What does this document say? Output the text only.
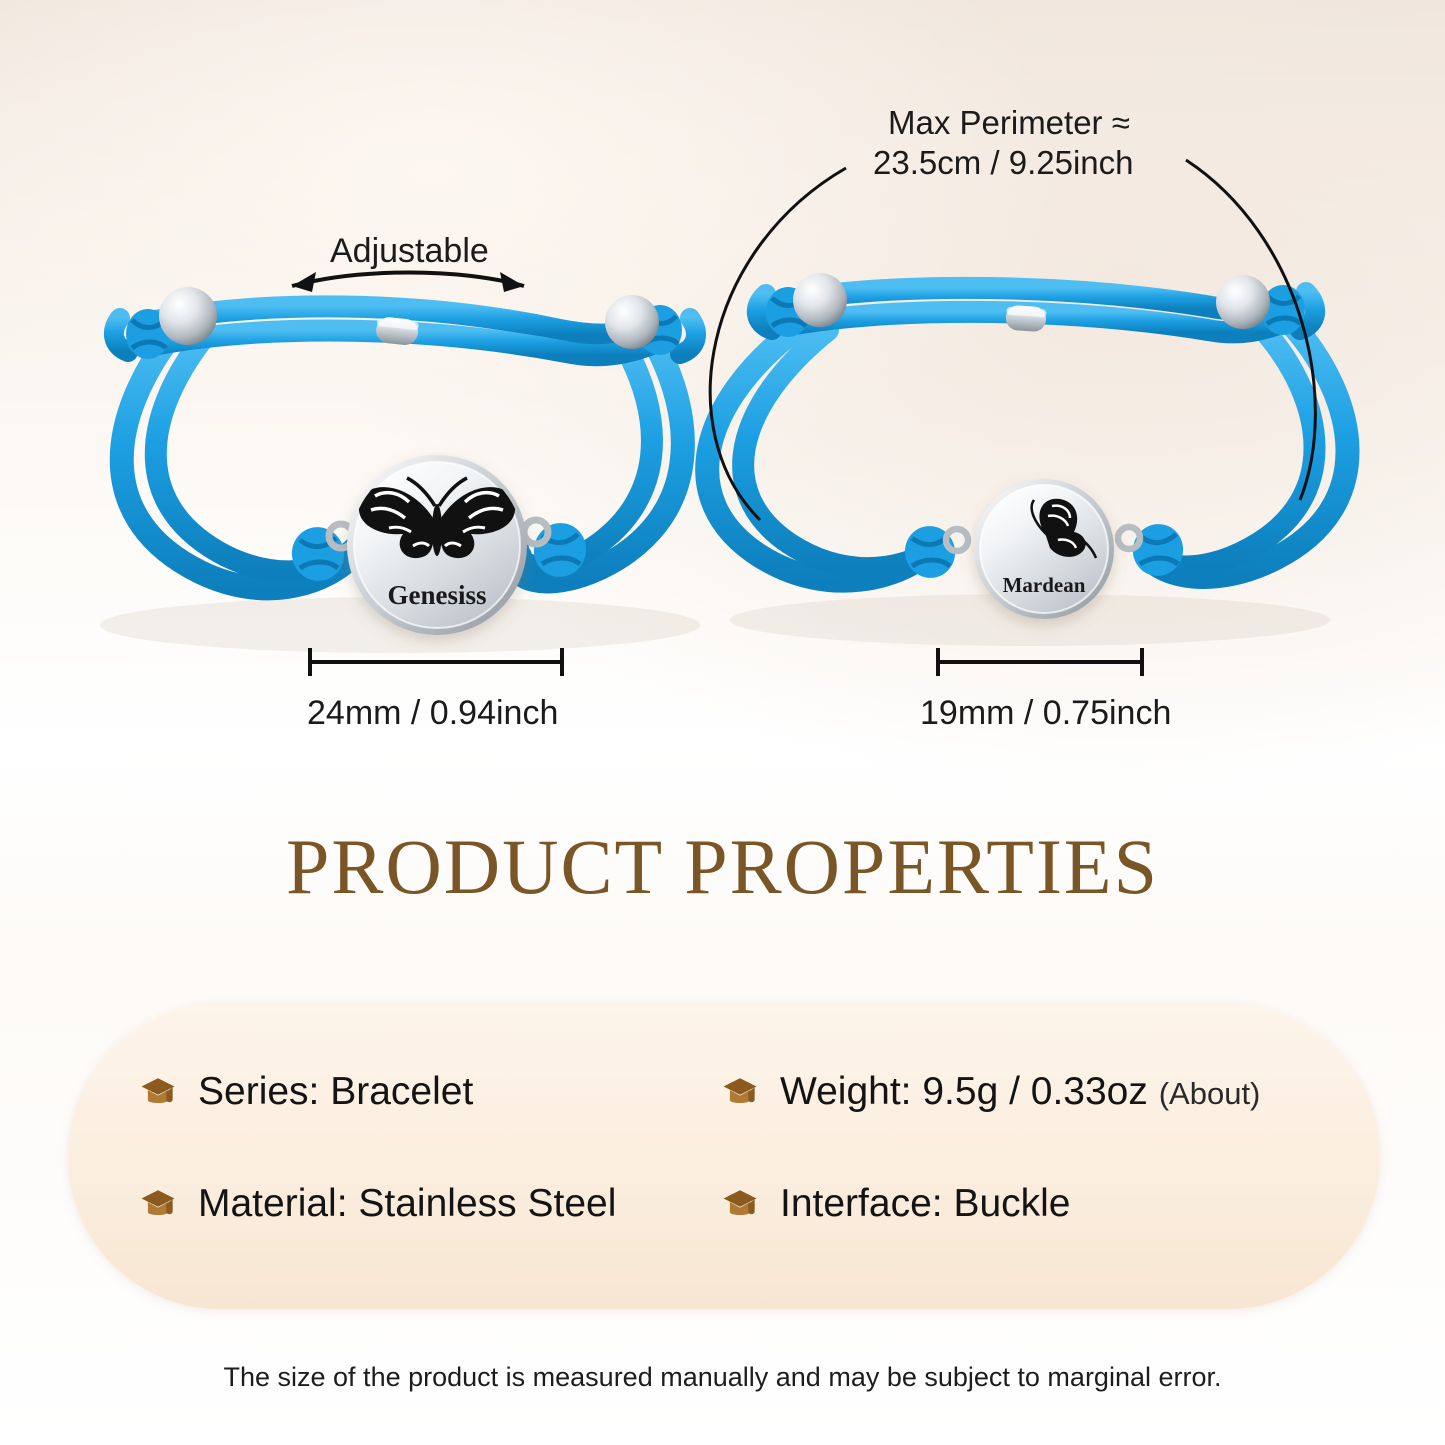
Genesiss	Mardean
Adjustable
Max Perimeter ≈
23.5cm / 9.25inch
24mm / 0.94inch	19mm / 0.75inch
PRODUCT PROPERTIES
Series: Bracelet	Weight: 9.5g / 0.33oz (About)
Material: Stainless Steel	Interface: Buckle
The size of the product is measured manually and may be subject to marginal error.
